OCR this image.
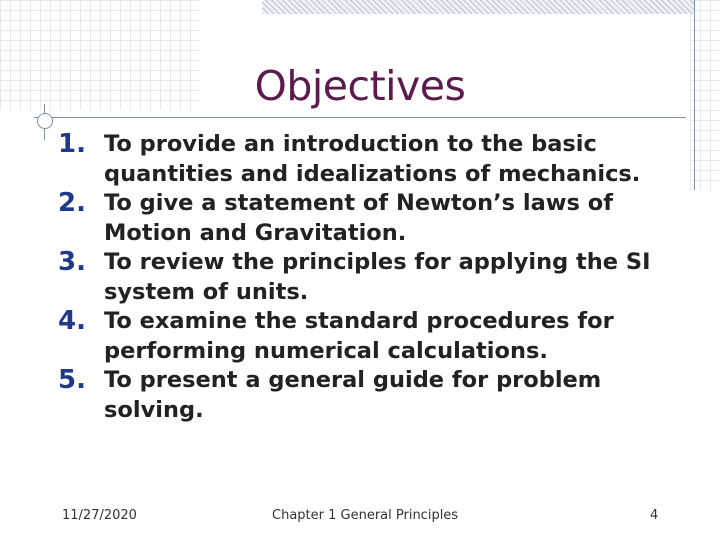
Objectives
1. To provide an introduction to the basic quantities and idealizations of mechanics.
2. To give a statement of Newton’s laws of Motion and Gravitation.
3. To review the principles for applying the SI system of units.
4. To examine the standard procedures for performing numerical calculations.
5. To present a general guide for problem solving.
11/27/2020	Chapter 1 General Principles	4
